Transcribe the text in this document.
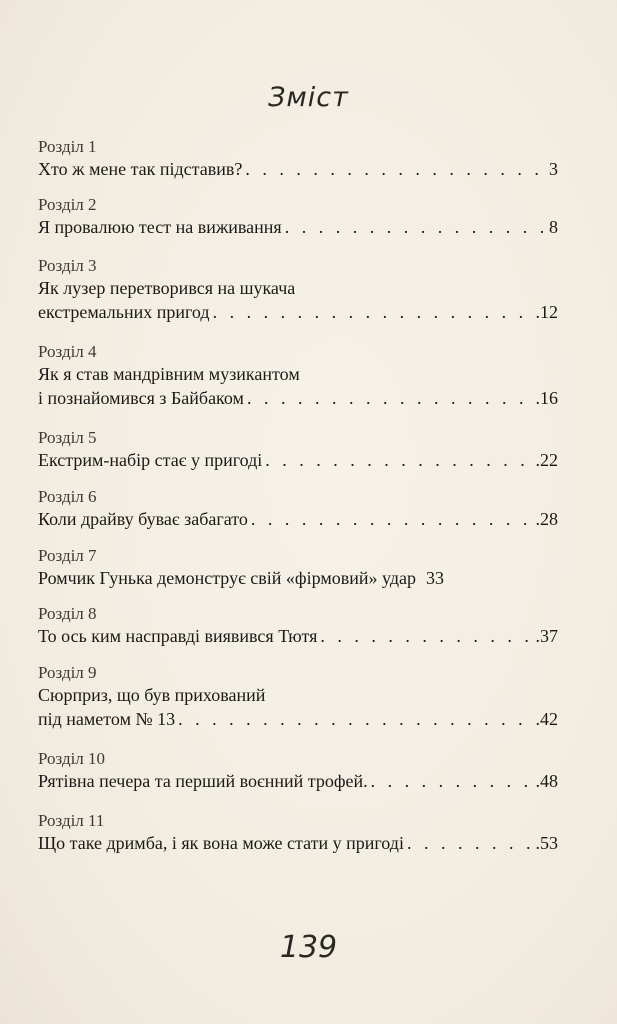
Зміст
Розділ 1
Хто ж мене так підставив? . . .	3
Розділ 2
Я провалюю тест на виживання . . .	8
Розділ 3
Як лузер перетворився на шукача
екстремальних пригод . . .	.12
Розділ 4
Як я став мандрівним музикантом
і познайомився з Байбаком . . .	.16
Розділ 5
Екстрим-набір стає у пригоді . . .	.22
Розділ 6
Коли драйву буває забагато . . .	.28
Розділ 7
Ромчик Гунька демонструє свій «фірмовий» удар 33
Розділ 8
То ось ким насправді виявився Тютя . . .	.37
Розділ 9
Сюрприз, що був прихований
під наметом № 13 . . .	.42
Розділ 10
Рятівна печера та перший воєнний трофей. . . .	.48
Розділ 11
Що таке дримба, і як вона може стати у пригоді . . .	.53
139
